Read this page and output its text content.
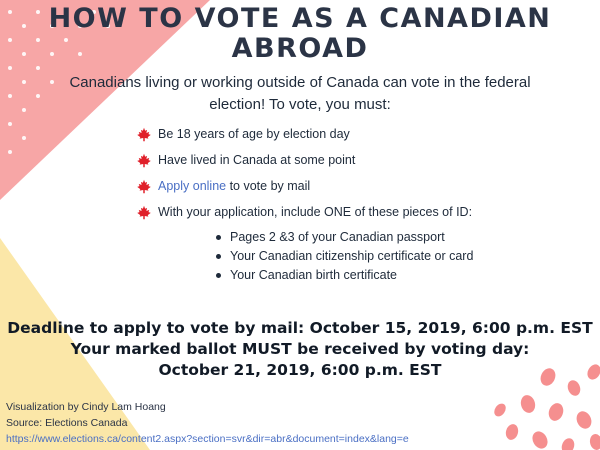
HOW TO VOTE AS A CANADIAN ABROAD

Canadians living or working outside of Canada can vote in the federal election! To vote, you must:

Be 18 years of age by election day
Have lived in Canada at some point
Apply online to vote by mail
With your application, include ONE of these pieces of ID:
Pages 2 &3 of your Canadian passport
Your Canadian citizenship certificate or card
Your Canadian birth certificate
Deadline to apply to vote by mail: October 15, 2019, 6:00 p.m. EST
Your marked ballot MUST be received by voting day:
October 21, 2019, 6:00 p.m. EST
Visualization by Cindy Lam Hoang
Source: Elections Canada
https://www.elections.ca/content2.aspx?section=svr&dir=abr&document=index&lang=e
